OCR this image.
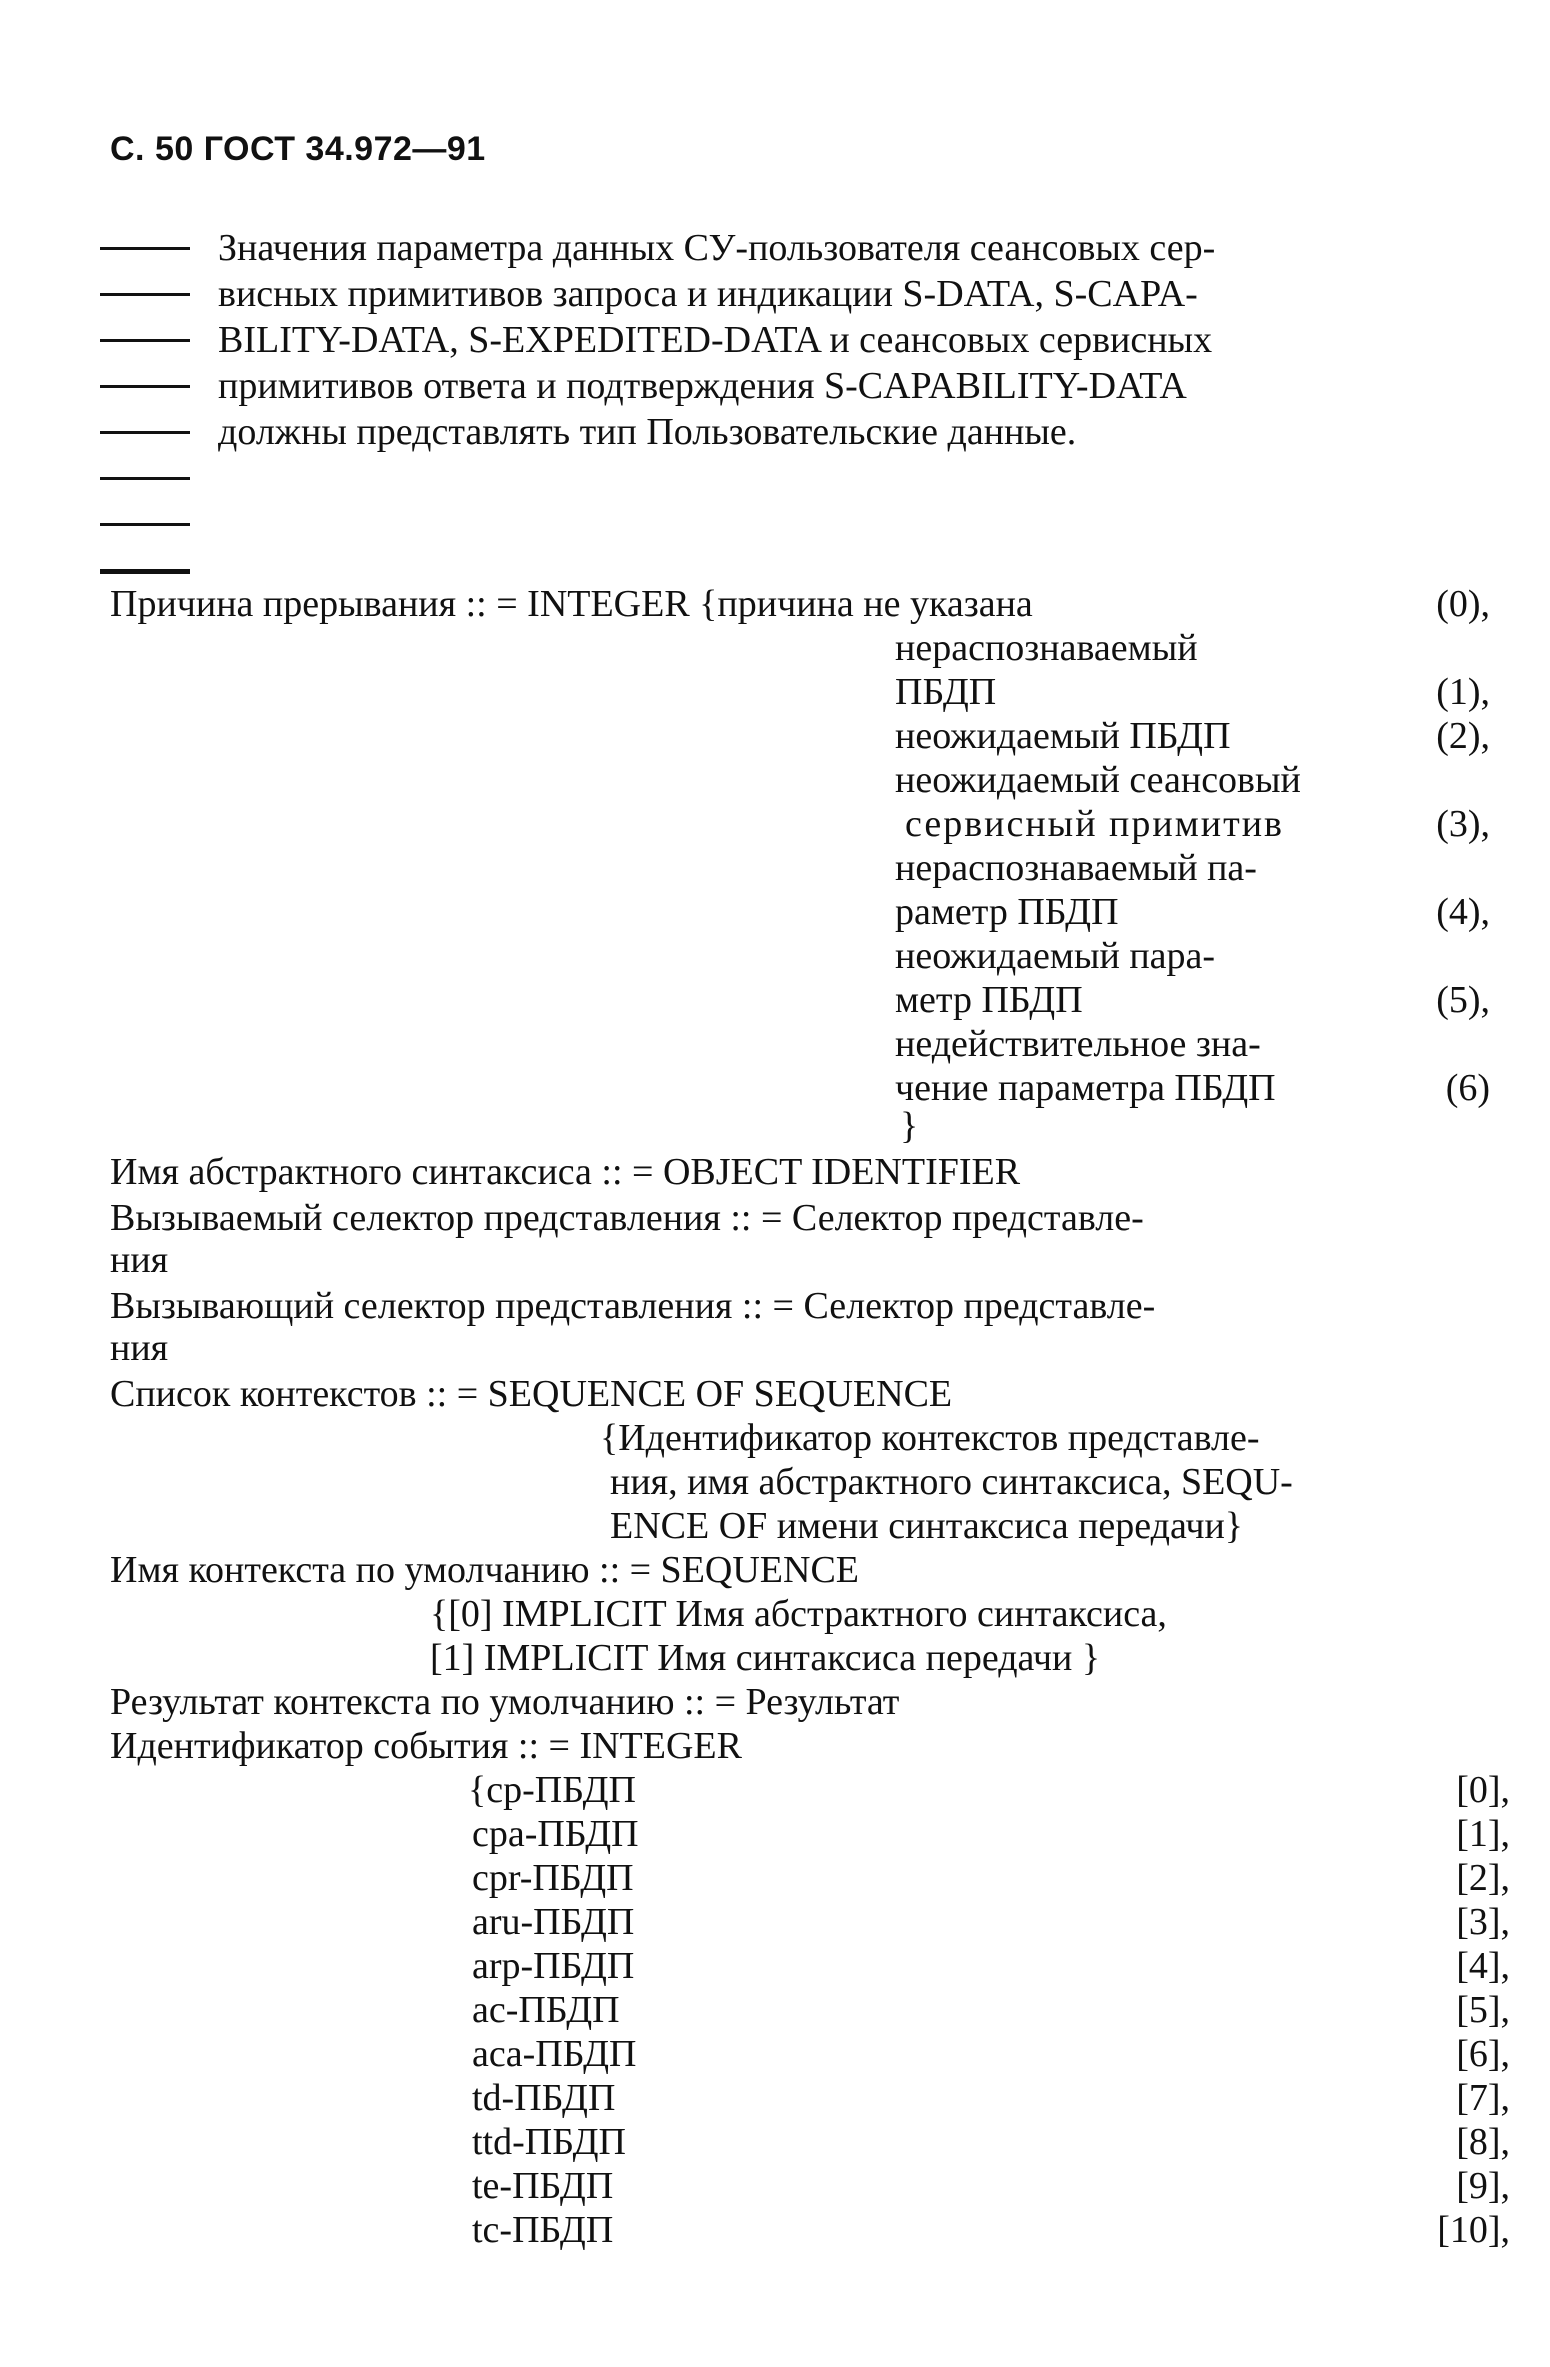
С. 50 ГОСТ 34.972—91
Значения параметра данных СУ-пользователя сеансовых сер-
висных примитивов запроса и индикации S-DATA, S-CAPA-
BILITY-DATA, S-EXPEDITED-DATA и сеансовых сервисных
примитивов ответа и подтверждения S-CAPABILITY-DATA
должны представлять тип Пользовательские данные.
Причина прерывания :: = INTEGER {причина не указана	(0),
нераспознаваемый
ПБДП	(1),
неожидаемый ПБДП	(2),
неожидаемый сеансовый
сервисный примитив	(3),
нераспознаваемый па-
раметр ПБДП	(4),
неожидаемый пара-
метр ПБДП	(5),
недействительное зна-
чение параметра ПБДП	(6)
}
Имя абстрактного синтаксиса :: = OBJECT IDENTIFIER
Вызываемый селектор представления :: = Селектор представле-
ния
Вызывающий селектор представления :: = Селектор представле-
ния
Список контекстов :: = SEQUENCE OF SEQUENCE
{Идентификатор контекстов представле-
ния, имя абстрактного синтаксиса, SEQU-
ENCE OF имени синтаксиса передачи}
Имя контекста по умолчанию :: = SEQUENCE
{[0] IMPLICIT Имя абстрактного синтаксиса,
[1] IMPLICIT Имя синтаксиса передачи }
Результат контекста по умолчанию :: = Результат
Идентификатор события :: = INTEGER
{cp-ПБДП	[0],
cpa-ПБДП	[1],
cpr-ПБДП	[2],
aru-ПБДП	[3],
arp-ПБДП	[4],
ac-ПБДП	[5],
aca-ПБДП	[6],
td-ПБДП	[7],
ttd-ПБДП	[8],
te-ПБДП	[9],
tc-ПБДП	[10],
